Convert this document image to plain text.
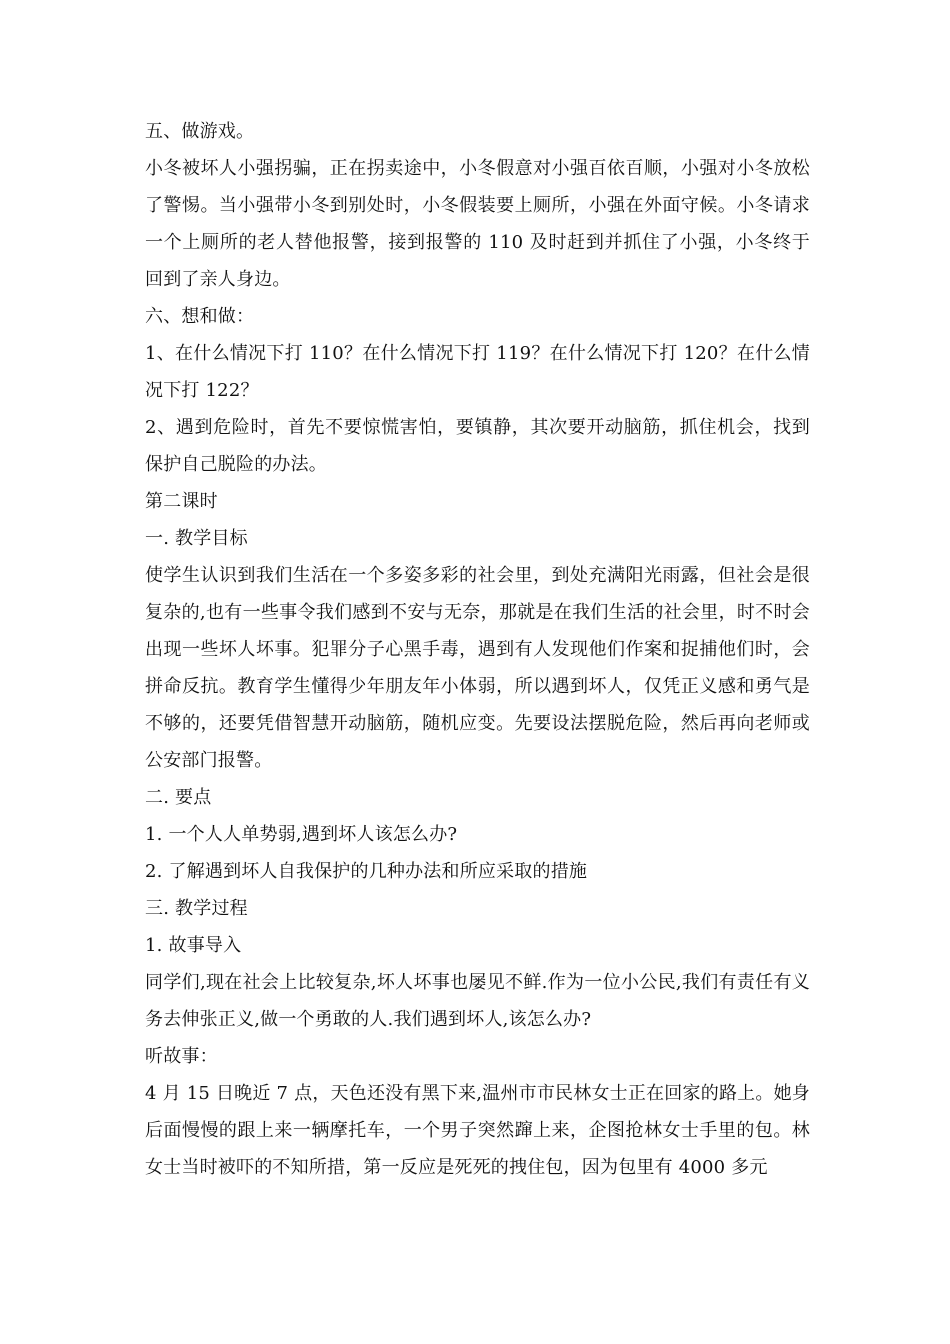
五、做游戏。

小冬被坏人小强拐骗，正在拐卖途中，小冬假意对小强百依百顺，小强对小冬放松了警惕。当小强带小冬到别处时，小冬假装要上厕所，小强在外面守候。小冬请求一个上厕所的老人替他报警，接到报警的 110 及时赶到并抓住了小强，小冬终于回到了亲人身边。

六、想和做：

1、在什么情况下打 110？在什么情况下打 119？在什么情况下打 120？在什么情况下打 122？

2、遇到危险时，首先不要惊慌害怕，要镇静，其次要开动脑筋，抓住机会，找到保护自己脱险的办法。

第二课时

一. 教学目标

使学生认识到我们生活在一个多姿多彩的社会里，到处充满阳光雨露，但社会是很复杂的,也有一些事令我们感到不安与无奈，那就是在我们生活的社会里，时不时会出现一些坏人坏事。犯罪分子心黑手毒，遇到有人发现他们作案和捉捕他们时，会拼命反抗。教育学生懂得少年朋友年小体弱，所以遇到坏人，仅凭正义感和勇气是不够的，还要凭借智慧开动脑筋，随机应变。先要设法摆脱危险，然后再向老师或公安部门报警。

二. 要点

1. 一个人人单势弱,遇到坏人该怎么办?

2. 了解遇到坏人自我保护的几种办法和所应采取的措施

三. 教学过程

1. 故事导入

同学们,现在社会上比较复杂,坏人坏事也屡见不鲜.作为一位小公民,我们有责任有义务去伸张正义,做一个勇敢的人.我们遇到坏人,该怎么办?

听故事：

4 月 15 日晚近 7 点，天色还没有黑下来,温州市市民林女士正在回家的路上。她身后面慢慢的跟上来一辆摩托车，一个男子突然蹿上来，企图抢林女士手里的包。林女士当时被吓的不知所措，第一反应是死死的拽住包，因为包里有 4000 多元
